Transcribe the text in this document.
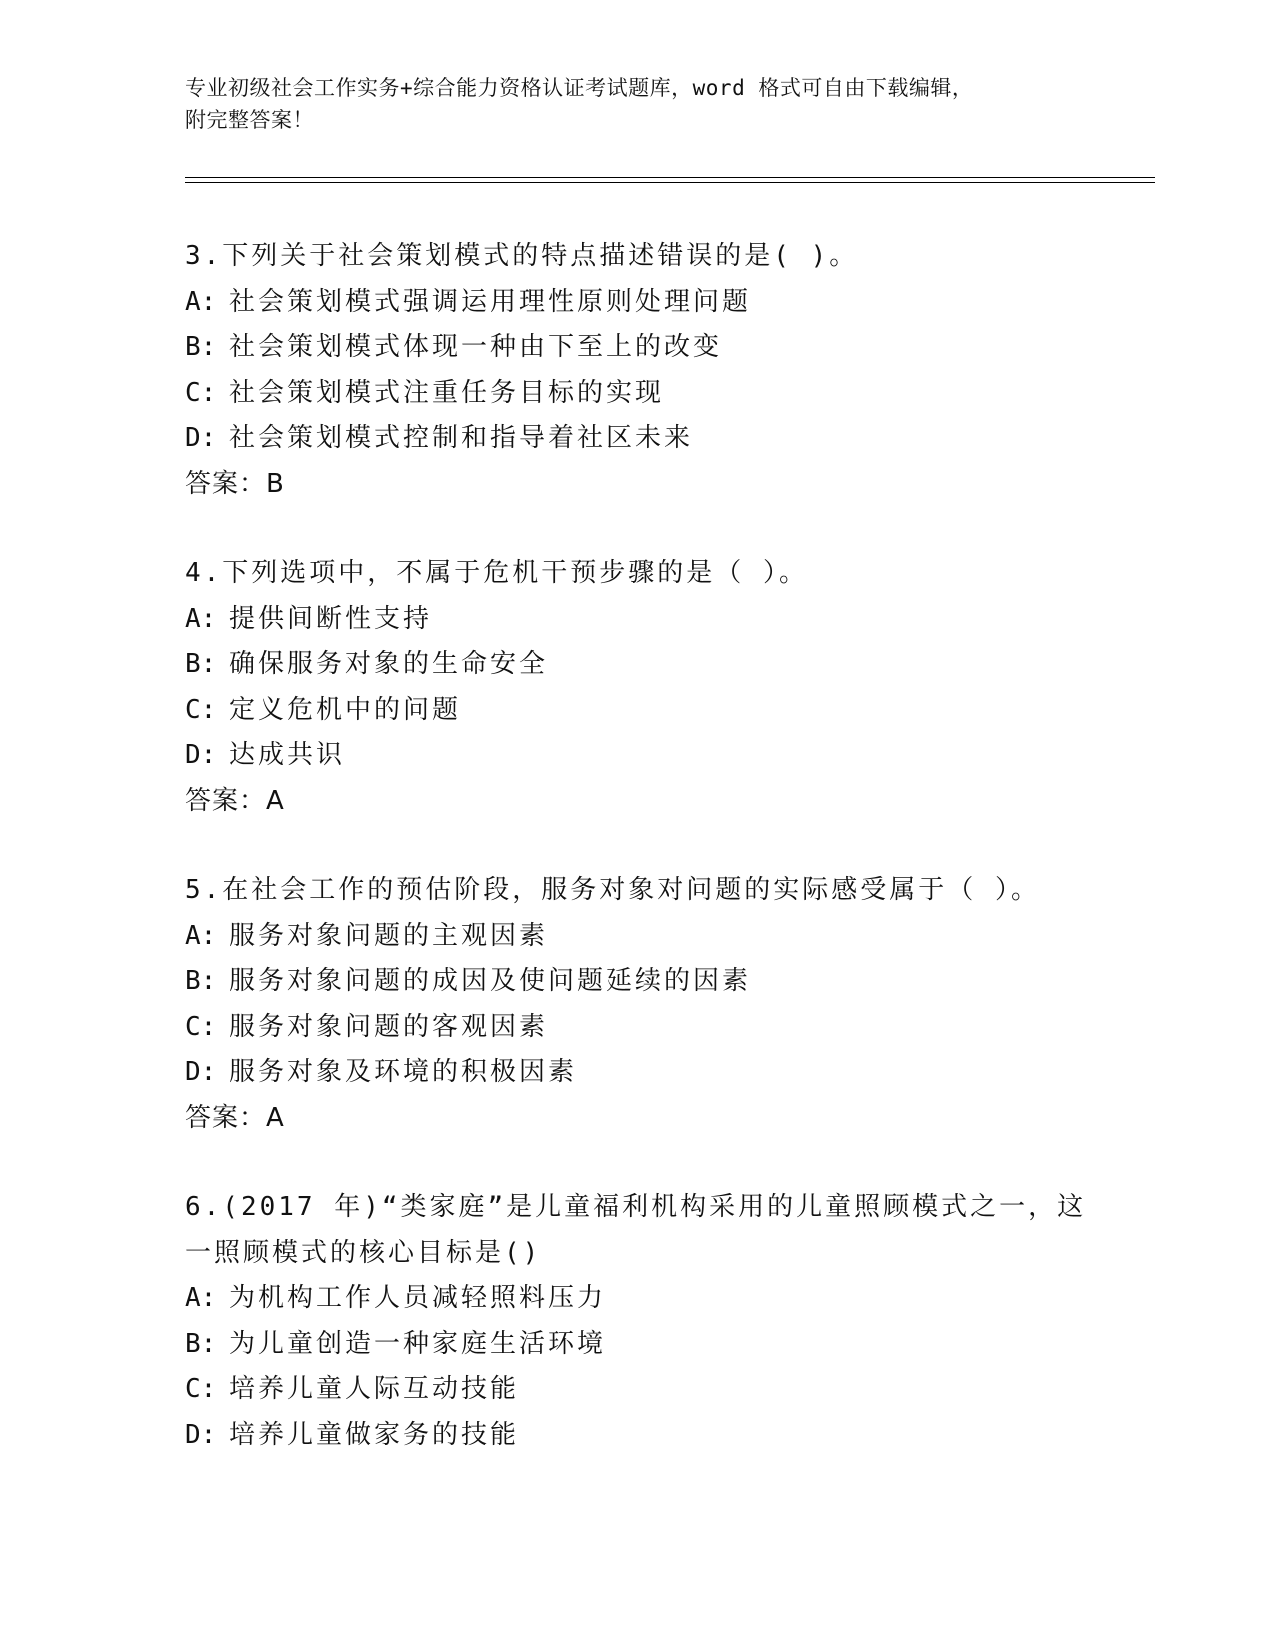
专业初级社会工作实务+综合能力资格认证考试题库，word 格式可自由下载编辑，
附完整答案！
3.下列关于社会策划模式的特点描述错误的是( )。
A: 社会策划模式强调运用理性原则处理问题
B: 社会策划模式体现一种由下至上的改变
C: 社会策划模式注重任务目标的实现
D: 社会策划模式控制和指导着社区未来
答案：B
4.下列选项中，不属于危机干预步骤的是（ ）。
A: 提供间断性支持
B: 确保服务对象的生命安全
C: 定义危机中的问题
D: 达成共识
答案：A
5.在社会工作的预估阶段，服务对象对问题的实际感受属于（ ）。
A: 服务对象问题的主观因素
B: 服务对象问题的成因及使问题延续的因素
C: 服务对象问题的客观因素
D: 服务对象及环境的积极因素
答案：A
6.(2017 年)“类家庭”是儿童福利机构采用的儿童照顾模式之一，这
一照顾模式的核心目标是()
A: 为机构工作人员减轻照料压力
B: 为儿童创造一种家庭生活环境
C: 培养儿童人际互动技能
D: 培养儿童做家务的技能
